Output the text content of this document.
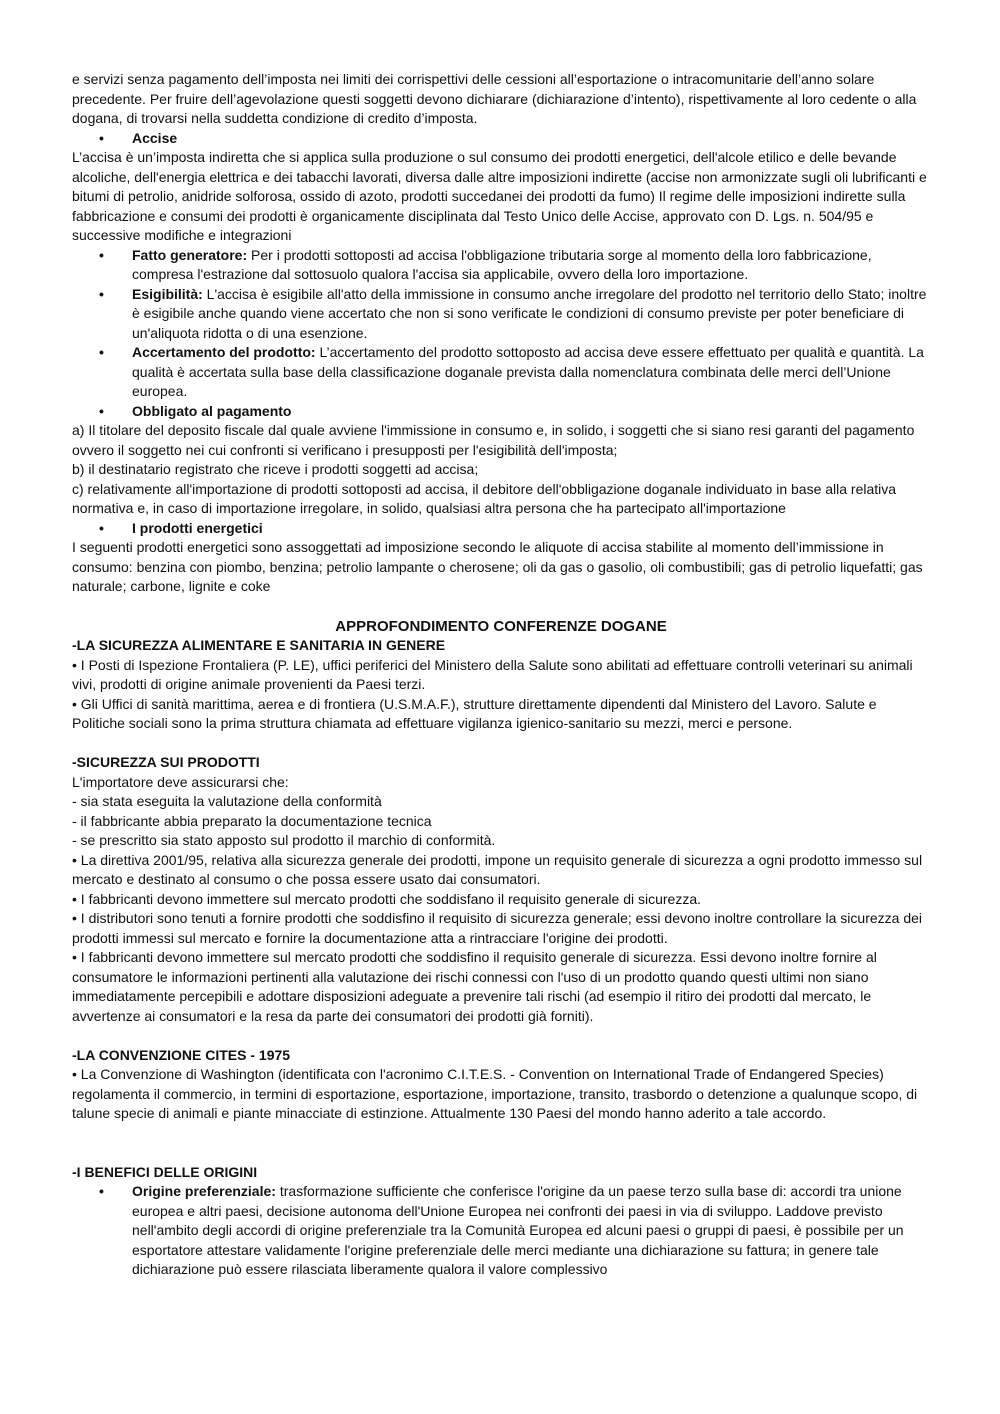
e servizi senza pagamento dell’imposta nei limiti dei corrispettivi delle cessioni all’esportazione o intracomunitarie dell’anno solare precedente. Per fruire dell’agevolazione questi soggetti devono dichiarare (dichiarazione d’intento), rispettivamente al loro cedente o alla dogana, di trovarsi nella suddetta condizione di credito d’imposta.

• Accise

L’accisa è un’imposta indiretta che si applica sulla produzione o sul consumo dei prodotti energetici, dell'alcole etilico e delle bevande alcoliche, dell'energia elettrica e dei tabacchi lavorati, diversa dalle altre imposizioni indirette (accise non armonizzate sugli oli lubrificanti e bitumi di petrolio, anidride solforosa, ossido di azoto, prodotti succedanei dei prodotti da fumo) Il regime delle imposizioni indirette sulla fabbricazione e consumi dei prodotti è organicamente disciplinata dal Testo Unico delle Accise, approvato con D. Lgs. n. 504/95 e successive modifiche e integrazioni

• Fatto generatore: Per i prodotti sottoposti ad accisa l'obbligazione tributaria sorge al momento della loro fabbricazione, compresa l'estrazione dal sottosuolo qualora l'accisa sia applicabile, ovvero della loro importazione.

• Esigibilità: L'accisa è esigibile all'atto della immissione in consumo anche irregolare del prodotto nel territorio dello Stato; inoltre è esigibile anche quando viene accertato che non si sono verificate le condizioni di consumo previste per poter beneficiare di un'aliquota ridotta o di una esenzione.

• Accertamento del prodotto: L’accertamento del prodotto sottoposto ad accisa deve essere effettuato per qualità e quantità. La qualità è accertata sulla base della classificazione doganale prevista dalla nomenclatura combinata delle merci dell’Unione europea.

• Obbligato al pagamento

a) Il titolare del deposito fiscale dal quale avviene l'immissione in consumo e, in solido, i soggetti che si siano resi garanti del pagamento ovvero il soggetto nei cui confronti si verificano i presupposti per l'esigibilità dell'imposta;

b) il destinatario registrato che riceve i prodotti soggetti ad accisa;

c) relativamente all'importazione di prodotti sottoposti ad accisa, il debitore dell'obbligazione doganale individuato in base alla relativa normativa e, in caso di importazione irregolare, in solido, qualsiasi altra persona che ha partecipato all'importazione

• I prodotti energetici

I seguenti prodotti energetici sono assoggettati ad imposizione secondo le aliquote di accisa stabilite al momento dell’immissione in consumo: benzina con piombo, benzina; petrolio lampante o cherosene; oli da gas o gasolio, oli combustibili; gas di petrolio liquefatti; gas naturale; carbone, lignite e coke

APPROFONDIMENTO CONFERENZE DOGANE

-LA SICUREZZA ALIMENTARE E SANITARIA IN GENERE

• I Posti di Ispezione Frontaliera (P. LE), uffici periferici del Ministero della Salute sono abilitati ad effettuare controlli veterinari su animali vivi, prodotti di origine animale provenienti da Paesi terzi.

• Gli Uffici di sanità marittima, aerea e di frontiera (U.S.M.A.F.), strutture direttamente dipendenti dal Ministero del Lavoro. Salute e Politiche sociali sono la prima struttura chiamata ad effettuare vigilanza igienico-sanitario su mezzi, merci e persone.

-SICUREZZA SUI PRODOTTI

L'importatore deve assicurarsi che:

- sia stata eseguita la valutazione della conformità

- il fabbricante abbia preparato la documentazione tecnica

- se prescritto sia stato apposto sul prodotto il marchio di conformità.

• La direttiva 2001/95, relativa alla sicurezza generale dei prodotti, impone un requisito generale di sicurezza a ogni prodotto immesso sul mercato e destinato al consumo o che possa essere usato dai consumatori.

• I fabbricanti devono immettere sul mercato prodotti che soddisfano il requisito generale di sicurezza.

• I distributori sono tenuti a fornire prodotti che soddisfino il requisito di sicurezza generale; essi devono inoltre controllare la sicurezza dei prodotti immessi sul mercato e fornire la documentazione atta a rintracciare l'origine dei prodotti.

• I fabbricanti devono immettere sul mercato prodotti che soddisfino il requisito generale di sicurezza. Essi devono inoltre fornire al consumatore le informazioni pertinenti alla valutazione dei rischi connessi con l'uso di un prodotto quando questi ultimi non siano immediatamente percepibili e adottare disposizioni adeguate a prevenire tali rischi (ad esempio il ritiro dei prodotti dal mercato, le avvertenze ai consumatori e la resa da parte dei consumatori dei prodotti già forniti).

-LA CONVENZIONE CITES - 1975

• La Convenzione di Washington (identificata con l'acronimo C.I.T.E.S. - Convention on International Trade of Endangered Species) regolamenta il commercio, in termini di esportazione, esportazione, importazione, transito, trasbordo o detenzione a qualunque scopo, di talune specie di animali e piante minacciate di estinzione. Attualmente 130 Paesi del mondo hanno aderito a tale accordo.

-I BENEFICI DELLE ORIGINI

• Origine preferenziale: trasformazione sufficiente che conferisce l'origine da un paese terzo sulla base di: accordi tra unione europea e altri paesi, decisione autonoma dell'Unione Europea nei confronti dei paesi in via di sviluppo. Laddove previsto nell'ambito degli accordi di origine preferenziale tra la Comunità Europea ed alcuni paesi o gruppi di paesi, è possibile per un esportatore attestare validamente l'origine preferenziale delle merci mediante una dichiarazione su fattura; in genere tale dichiarazione può essere rilasciata liberamente qualora il valore complessivo
